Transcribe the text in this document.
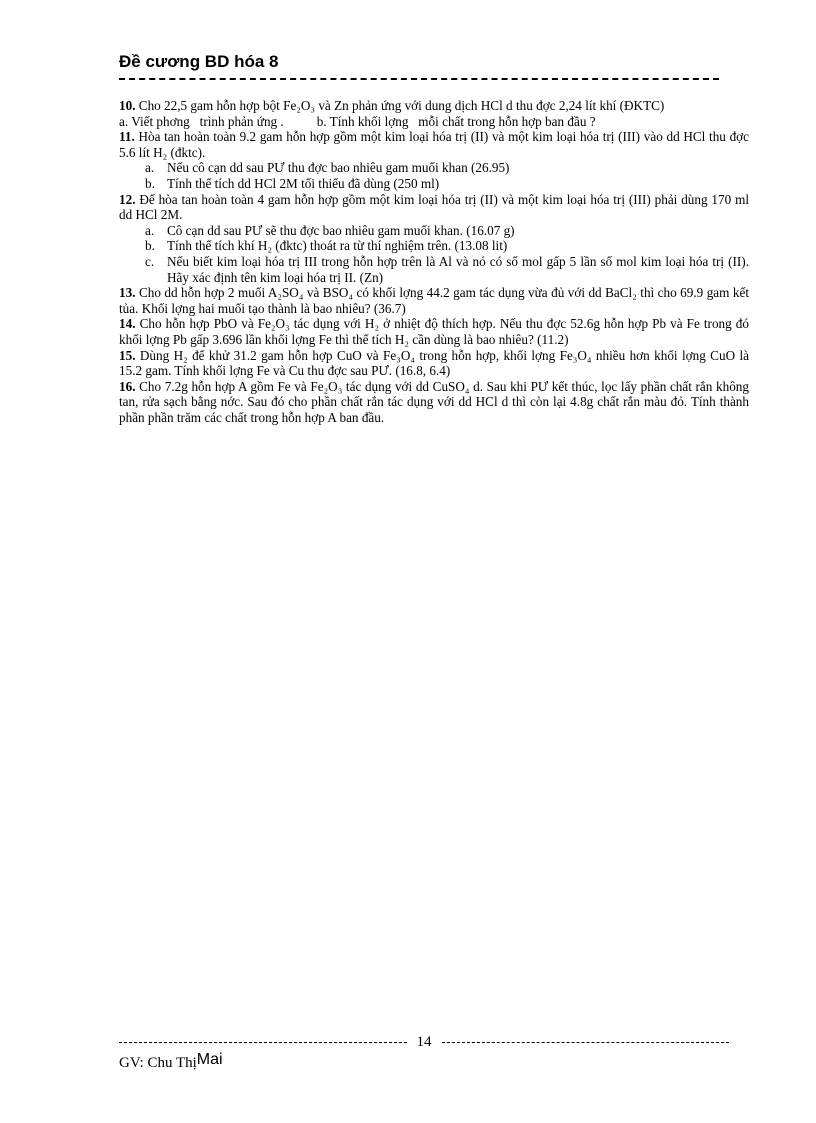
Đề cương BD hóa 8

10. Cho 22,5 gam hỗn hợp bột Fe₂O₃ và Zn phản ứng với dung dịch HCl d thu đợc 2,24 lít khí (ĐKTC)

a. Viết phơng   trình phản ứng .          b. Tính khối lợng   mỗi chất trong hỗn hợp ban đầu ?

11. Hòa tan hoàn toàn 9.2 gam hỗn hợp gồm một kim loại hóa trị (II) và một kim loại hóa trị (III) vào dd HCl thu đợc 5.6 lít H₂ (đktc).

a. Nếu cô cạn dd sau PƯ thu đợc bao nhiêu gam muối khan (26.95)
b. Tính thể tích dd HCl 2M tối thiểu đã dùng (250 ml)

12. Để hòa tan hoàn toàn 4 gam hỗn hợp gồm một kim loại hóa trị (II) và một kim loại hóa trị (III) phải dùng 170 ml dd HCl 2M.

a. Cô cạn dd sau PƯ sẽ thu đợc bao nhiêu gam muối khan. (16.07 g)
b. Tính thể tích khí H₂ (đktc) thoát ra từ thí nghiệm trên. (13.08 lit)
c. Nếu biết kim loại hóa trị III trong hỗn hợp trên là Al và nó có số mol gấp 5 lần số mol kim loại hóa trị (II). Hãy xác định tên kim loại hóa trị II. (Zn)

13. Cho dd hỗn hợp 2 muối A₂SO₄ và BSO₄ có khối lợng 44.2 gam tác dụng vừa đủ với dd BaCl₂ thì cho 69.9 gam kết tủa. Khối lợng hai muối tạo thành là bao nhiêu? (36.7)

14. Cho hỗn hợp PbO và Fe₂O₃ tác dụng với H₂ ở nhiệt độ thích hợp. Nếu thu đợc 52.6g hỗn hợp Pb và Fe trong đó khối lợng Pb gấp 3.696 lần khối lợng Fe thì thể tích H₂ cần dùng là bao nhiêu? (11.2)

15. Dùng H₂ để khử 31.2 gam hỗn hợp CuO và Fe₃O₄ trong hỗn hợp, khối lợng Fe₃O₄ nhiều hơn khối lợng CuO là 15.2 gam. Tính khối lợng Fe và Cu thu đợc sau PƯ. (16.8, 6.4)

16. Cho 7.2g hỗn hợp A gồm Fe và Fe₂O₃ tác dụng với dd CuSO₄ d. Sau khi PƯ kết thúc, lọc lấy phần chất rắn không tan, rửa sạch bằng nớc. Sau đó cho phần chất rắn tác dụng với dd HCl d thì còn lại 4.8g chất rắn màu đỏ. Tính thành phần phần trăm các chất trong hỗn hợp A ban đầu.

14
GV: Chu ThịMai
